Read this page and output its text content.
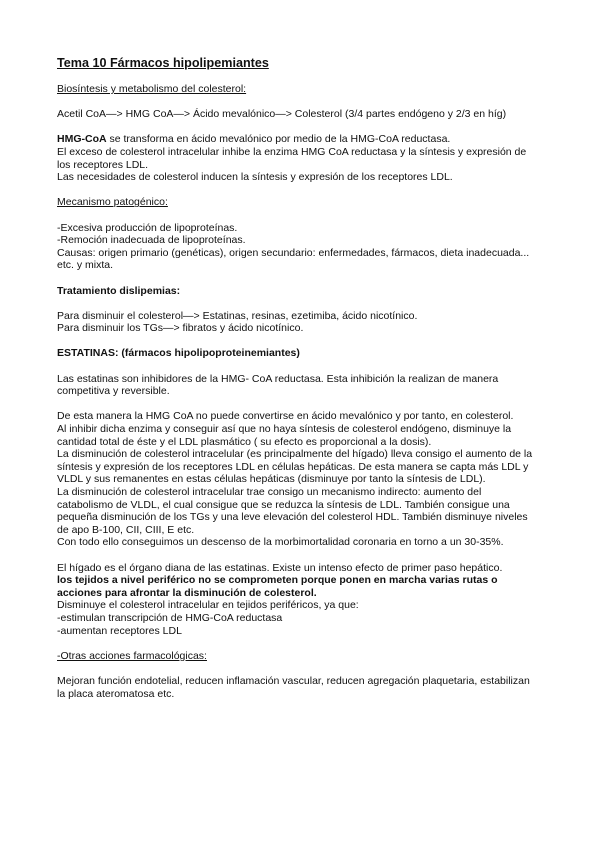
Tema 10 Fármacos hipolipemiantes

Biosíntesis y metabolismo del colesterol:

Acetil CoA—> HMG CoA—> Ácido mevalónico—> Colesterol (3/4 partes endógeno y 2/3 en híg)

HMG-CoA se transforma en ácido mevalónico por medio de la HMG-CoA reductasa.

El exceso de colesterol intracelular inhibe la enzima HMG CoA reductasa y la síntesis y expresión de los receptores LDL.

Las necesidades de colesterol inducen la síntesis y expresión de los receptores LDL.

Mecanismo patogénico:

-Excesiva producción de lipoproteínas.

-Remoción inadecuada de lipoproteínas.

Causas: origen primario (genéticas), origen secundario: enfermedades, fármacos, dieta inadecuada... etc. y mixta.

Tratamiento dislipemias:

Para disminuir el colesterol—> Estatinas, resinas, ezetimiba, ácido nicotínico.

Para disminuir los TGs—> fibratos y ácido nicotínico.

ESTATINAS: (fármacos hipolipoproteinemiantes)

Las estatinas son inhibidores de la HMG- CoA reductasa. Esta inhibición la realizan de manera competitiva y reversible.

De esta manera la HMG CoA no puede convertirse en ácido mevalónico y por tanto, en colesterol.

Al inhibir dicha enzima y conseguir así que no haya síntesis de colesterol endógeno, disminuye la cantidad total de éste y el LDL plasmático ( su efecto es proporcional a la dosis).

La disminución de colesterol intracelular (es principalmente del hígado) lleva consigo el aumento de la síntesis y expresión de los receptores LDL en células hepáticas. De esta manera se capta más LDL y VLDL y sus remanentes en estas células hepáticas (disminuye por tanto la síntesis de LDL).

La disminución de colesterol intracelular trae consigo un mecanismo indirecto: aumento del catabolismo de VLDL, el cual consigue que se reduzca la síntesis de LDL. También consigue una pequeña disminución de los TGs y una leve elevación del colesterol HDL. También disminuye niveles de apo B-100, CII, CIII, E etc.

Con todo ello conseguimos un descenso de la morbimortalidad coronaria en torno a un 30-35%.

El hígado es el órgano diana de las estatinas. Existe un intenso efecto de primer paso hepático.

los tejidos a nivel periférico no se comprometen porque ponen en marcha varias rutas o acciones para afrontar la disminución de colesterol.

Disminuye el colesterol intracelular en tejidos periféricos, ya que:

-estimulan transcripción de HMG-CoA reductasa

-aumentan receptores LDL

-Otras acciones farmacológicas:

Mejoran función endotelial, reducen inflamación vascular, reducen agregación plaquetaria, estabilizan la placa ateromatosa etc.
